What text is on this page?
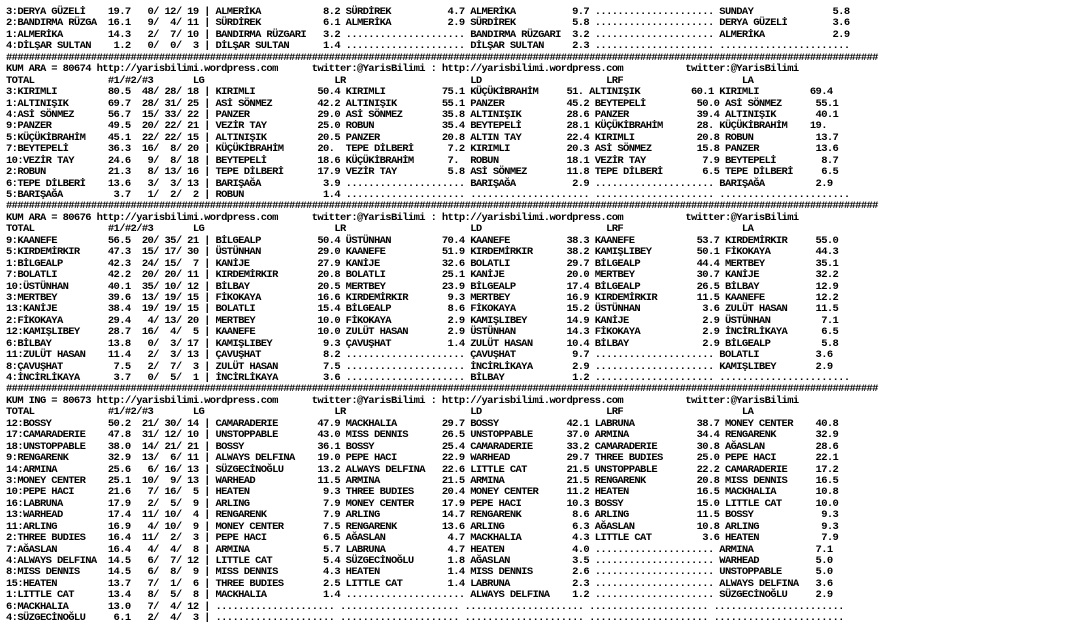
3:DERYA GÜZELİ    19.7   0/ 12/ 19 | ALMERİKA           8.2 SÜRDİREK          4.7 ALMERİKA          9.7 ..................... SUNDAY              5.8
2:BANDIRMA RÜZGA  16.1   9/  4/ 11 | SÜRDİREK           6.1 ALMERİKA          2.9 SÜRDİREK          5.8 ..................... DERYA GÜZELİ        3.6
1:ALMERİKA        14.3   2/  7/ 10 | BANDIRMA RÜZGARI   3.2 ..................... BANDIRMA RÜZGARI  3.2 ..................... ALMERİKA            2.9
4:DİLŞAR SULTAN    1.2   0/  0/  3 | DİLŞAR SULTAN      1.4 ..................... DİLŞAR SULTAN     2.3 ..................... .......................
##########################################################################################################################################################
KUM ARA = 80674 http://yarisbilimi.wordpress.com      twitter:@YarisBilimi : http://yarisbilimi.wordpress.com           twitter:@YarisBilimi
TOTAL             #1/#2/#3       LG                       LR                      LD                      LRF                     LA
3:KIRIMLI         80.5  48/ 28/ 18 | KIRIMLI           50.4 KIRIMLI          75.1 KÜÇÜKİBRAHİM     51. ALTINIŞIK         60.1 KIRIMLI         69.4
1:ALTINIŞIK       69.7  28/ 31/ 25 | ASİ SÖNMEZ        42.2 ALTINIŞIK        55.1 PANZER           45.2 BEYTEPELİ         50.0 ASİ SÖNMEZ      55.1
4:ASİ SÖNMEZ      56.7  15/ 33/ 22 | PANZER            29.0 ASİ SÖNMEZ       35.8 ALTINIŞIK        28.6 PANZER            39.4 ALTINIŞIK       40.1
9:PANZER          49.5  20/ 22/ 21 | VEZİR TAY         25.0 ROBUN            35.4 BEYTEPELİ        28.1 KÜÇÜKİBRAHİM      28. KÜÇÜKİBRAHİM    19.
5:KÜÇÜKİBRAHİM    45.1  22/ 22/ 15 | ALTINIŞIK         20.5 PANZER           20.8 ALTIN TAY        22.4 KIRIMLI           20.8 ROBUN           13.7
7:BEYTEPELİ       36.3  16/  8/ 20 | KÜÇÜKİBRAHİM      20.  TEPE DİLBERİ      7.2 KIRIMLI          20.3 ASİ SÖNMEZ        15.8 PANZER          13.6
10:VEZİR TAY      24.6   9/  8/ 18 | BEYTEPELİ         18.6 KÜÇÜKİBRAHİM      7.  ROBUN            18.1 VEZİR TAY          7.9 BEYTEPELİ        8.7
2:ROBUN           21.3   8/ 13/ 16 | TEPE DİLBERİ      17.9 VEZİR TAY         5.8 ASİ SÖNMEZ       11.8 TEPE DİLBERİ       6.5 TEPE DİLBERİ     6.5
6:TEPE DİLBERİ    13.6   3/  3/ 13 | BARIŞAĞA           3.9 ..................... BARIŞAĞA          2.9 ..................... BARIŞAĞA         2.9
5:BARIŞAĞA         3.7   1/  2/  2 | ROBUN              1.4 ..................... ..................... ..................... .......................
##########################################################################################################################################################
KUM ARA = 80676 http://yarisbilimi.wordpress.com      twitter:@YarisBilimi : http://yarisbilimi.wordpress.com           twitter:@YarisBilimi
TOTAL             #1/#2/#3       LG                       LR                      LD                      LRF                     LA
9:KAANEFE         56.5  20/ 35/ 21 | BİLGEALP          50.4 ÜSTÜNHAN         70.4 KAANEFE          38.3 KAANEFE           53.7 KIRDEMİRKIR     55.0
5:KIRDEMİRKIR     47.3  15/ 17/ 30 | ÜSTÜNHAN          29.0 KAANEFE          51.9 KIRDEMİRKIR      38.2 KAMIŞLIBEY        50.1 FİKOKAYA        44.3
1:BİLGEALP        42.3  24/ 15/  7 | KANİJE            27.9 KANİJE           32.6 BOLATLI          29.7 BİLGEALP          44.4 MERTBEY         35.1
7:BOLATLI         42.2  20/ 20/ 11 | KIRDEMİRKIR       20.8 BOLATLI          25.1 KANİJE           20.0 MERTBEY           30.7 KANİJE          32.2
10:ÜSTÜNHAN       40.1  35/ 10/ 12 | BİLBAY            20.5 MERTBEY          23.9 BİLGEALP         17.4 BİLGEALP          26.5 BİLBAY          12.9
3:MERTBEY         39.6  13/ 19/ 15 | FİKOKAYA          16.6 KIRDEMİRKIR       9.3 MERTBEY          16.9 KIRDEMİRKIR       11.5 KAANEFE         12.2
13:KANİJE         38.4  19/ 19/ 15 | BOLATLI           15.4 BİLGEALP          8.6 FİKOKAYA         15.2 ÜSTÜNHAN           3.6 ZULÜT HASAN     11.5
2:FİKOKAYA        29.4   4/ 13/ 20 | MERTBEY           10.0 FİKOKAYA          2.9 KAMIŞLIBEY       14.9 KANİJE             2.9 ÜSTÜNHAN         7.1
12:KAMIŞLIBEY     28.7  16/  4/  5 | KAANEFE           10.0 ZULÜT HASAN       2.9 ÜSTÜNHAN         14.3 FİKOKAYA           2.9 İNCİRLİKAYA      6.5
6:BİLBAY          13.8   0/  3/ 17 | KAMIŞLIBEY         9.3 ÇAVUŞHAT          1.4 ZULÜT HASAN      10.4 BİLBAY             2.9 BİLGEALP         5.8
11:ZULÜT HASAN    11.4   2/  3/ 13 | ÇAVUŞHAT           8.2 ..................... ÇAVUŞHAT          9.7 ..................... BOLATLI          3.6
8:ÇAVUŞHAT         7.5   2/  7/  3 | ZULÜT HASAN        7.5 ..................... İNCİRLİKAYA       2.9 ..................... KAMIŞLIBEY       2.9
4:İNCİRLİKAYA      3.7   0/  5/  1 | İNCİRLİKAYA        3.6 ..................... BİLBAY            1.2 ..................... .......................
##########################################################################################################################################################
KUM ING = 80673 http://yarisbilimi.wordpress.com      twitter:@YarisBilimi : http://yarisbilimi.wordpress.com           twitter:@YarisBilimi
TOTAL             #1/#2/#3       LG                       LR                      LD                      LRF                     LA
12:BOSSY          50.2  21/ 30/ 14 | CAMARADERIE       47.9 MACKHALIA        29.7 BOSSY            42.1 LABRUNA           38.7 MONEY CENTER    40.8
17:CAMARADERIE    47.8  31/ 12/ 10 | UNSTOPPABLE       43.0 MISS DENNIS      26.5 UNSTOPPABLE      37.0 ARMINA            34.4 RENGARENK       32.9
18:UNSTOPPABLE    38.0  14/ 21/ 21 | BOSSY             36.1 BOSSY            25.4 CAMARADERIE      33.2 CAMARADERIE       30.8 AĞASLAN         28.6
9:RENGARENK       32.9  13/  6/ 11 | ALWAYS DELFINA    19.0 PEPE HACI        22.9 WARHEAD          29.7 THREE BUDIES      25.0 PEPE HACI       22.1
14:ARMINA         25.6   6/ 16/ 13 | SÜZGECİNOĞLU      13.2 ALWAYS DELFINA   22.6 LITTLE CAT       21.5 UNSTOPPABLE       22.2 CAMARADERIE     17.2
3:MONEY CENTER    25.1  10/  9/ 13 | WARHEAD           11.5 ARMINA           21.5 ARMINA           21.5 RENGARENK         20.8 MISS DENNIS     16.5
10:PEPE HACI      21.6   7/ 16/  5 | HEATEN             9.3 THREE BUDIES     20.4 MONEY CENTER     11.2 HEATEN            16.5 MACKHALIA       10.8
16:LABRUNA        17.9   2/  5/  9 | ARLING             7.9 MONEY CENTER     17.9 PEPE HACI        10.3 BOSSY             15.0 LITTLE CAT      10.0
13:WARHEAD        17.4  11/ 10/  4 | RENGARENK          7.9 ARLING           14.7 RENGARENK         8.6 ARLING            11.5 BOSSY            9.3
11:ARLING         16.9   4/ 10/  9 | MONEY CENTER       7.5 RENGARENK        13.6 ARLING            6.3 AĞASLAN           10.8 ARLING           9.3
2:THREE BUDIES    16.4  11/  2/  3 | PEPE HACI          6.5 AĞASLAN           4.7 MACKHALIA         4.3 LITTLE CAT         3.6 HEATEN           7.9
7:AĞASLAN         16.4   4/  4/  8 | ARMINA             5.7 LABRUNA           4.7 HEATEN            4.0 ..................... ARMINA           7.1
4:ALWAYS DELFINA  14.5   6/  7/ 12 | LITTLE CAT         5.4 SÜZGECİNOĞLU      1.8 AĞASLAN           3.5 ..................... WARHEAD          5.0
8:MISS DENNIS     14.5   6/  8/  9 | MISS DENNIS        4.3 HEATEN            1.4 MISS DENNIS       2.6 ..................... UNSTOPPABLE      5.0
15:HEATEN         13.7   7/  1/  6 | THREE BUDIES       2.5 LITTLE CAT        1.4 LABRUNA           2.3 ..................... ALWAYS DELFINA   3.6
1:LITTLE CAT      13.4   8/  5/  8 | MACKHALIA          1.4 ..................... ALWAYS DELFINA    1.2 ..................... SÜZGECİNOĞLU     2.9
6:MACKHALIA       13.0   7/  4/ 12 | ..................... ..................... ..................... ..................... .......................
4:SÜZGECİNOĞLU     6.1   2/  4/  3 | ..................... ..................... ..................... ..................... .......................
